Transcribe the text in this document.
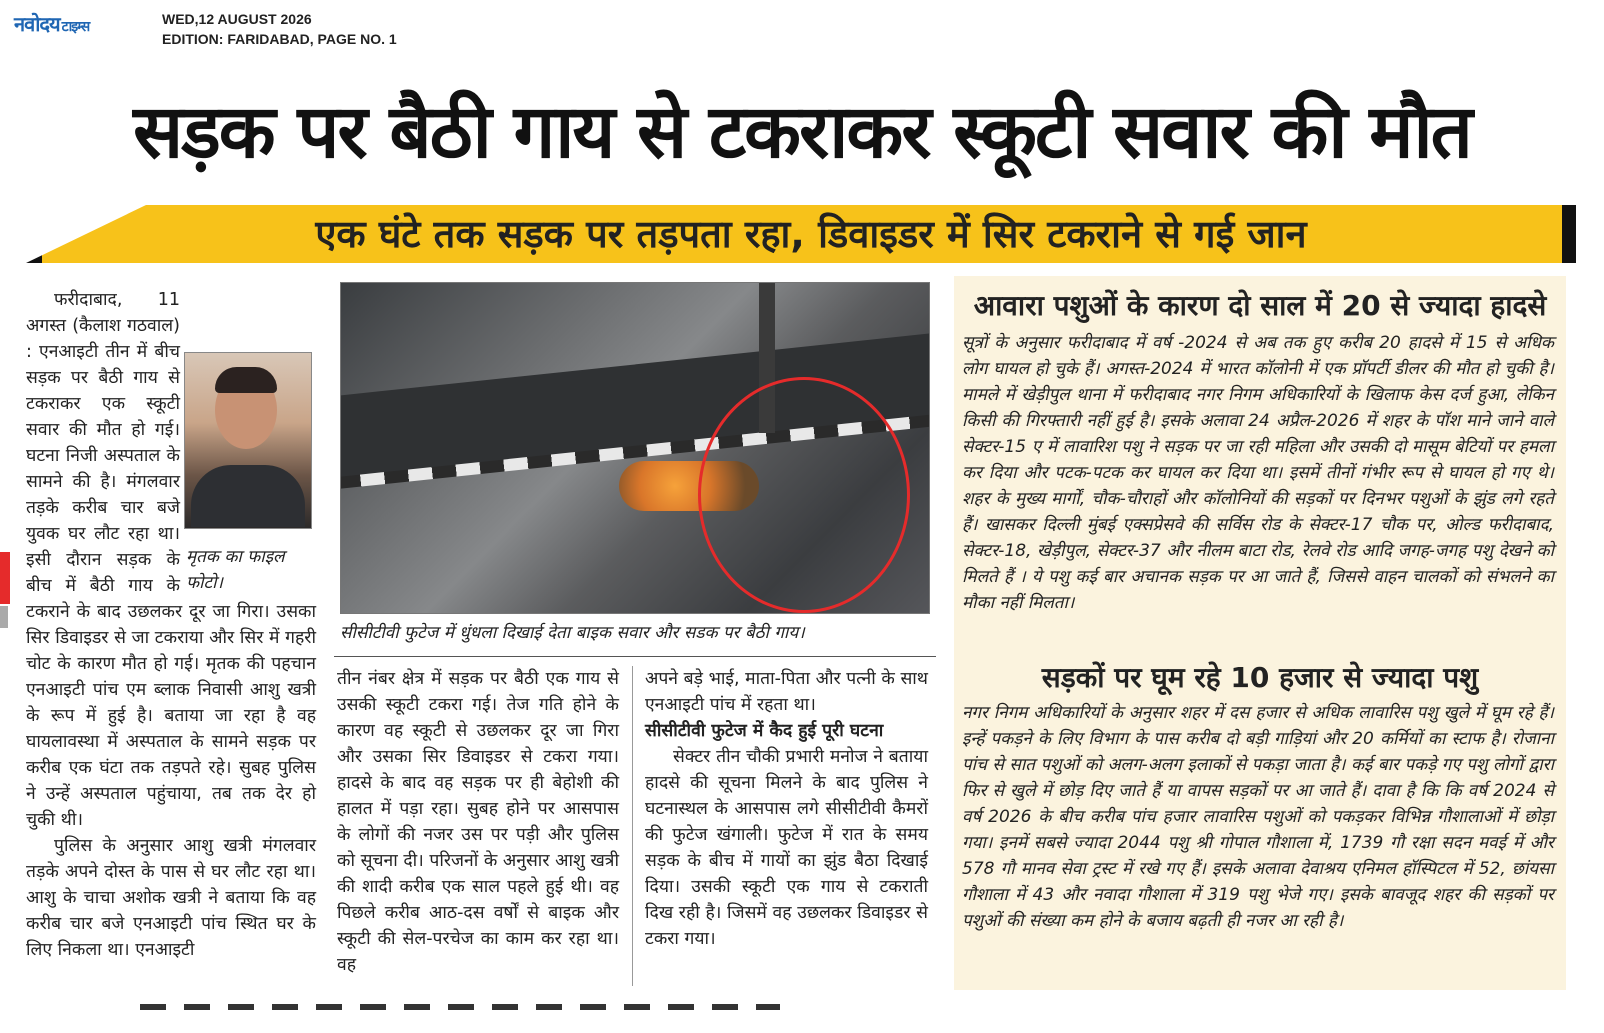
नवोदय टाइम्स	WED,12 AUGUST 2026
EDITION: FARIDABAD, PAGE NO. 1
सड़क पर बैठी गाय से टकराकर स्कूटी सवार की मौत
एक घंटे तक सड़क पर तड़पता रहा, डिवाइडर में सिर टकराने से गई जान

फरीदाबाद, 11 अगस्त (कैलाश गठवाल) : एनआइटी तीन में बीच सड़क पर बैठी गाय से टकराकर एक स्कूटी सवार की मौत हो गई। घटना निजी अस्पताल के सामने की है। मंगलवार तड़के करीब चार बजे युवक घर लौट रहा था। इसी दौरान सड़क के बीच में बैठी गाय के टकराने के बाद उछलकर दूर जा गिरा। उसका सिर डिवाइडर से जा टकराया और सिर में गहरी चोट के कारण मौत हो गई। मृतक की पहचान एनआइटी पांच एम ब्लाक निवासी आशु खत्री के रूप में हुई है। बताया जा रहा है वह घायलावस्था में अस्पताल के सामने सड़क पर करीब एक घंटा तक तड़पते रहे। सुबह पुलिस ने उन्हें अस्पताल पहुंचाया, तब तक देर हो चुकी थी।

पुलिस के अनुसार आशु खत्री मंगलवार तड़के अपने दोस्त के पास से घर लौट रहा था। आशु के चाचा अशोक खत्री ने बताया कि वह करीब चार बजे एनआइटी पांच स्थित घर के लिए निकला था। एनआइटी

मृतक का फाइल फोटो।
सीसीटीवी फुटेज में धुंधला दिखाई देता बाइक सवार और सडक पर बैठी गाय।

तीन नंबर क्षेत्र में सड़क पर बैठी एक गाय से उसकी स्कूटी टकरा गई। तेज गति होने के कारण वह स्कूटी से उछलकर दूर जा गिरा और उसका सिर डिवाइडर से टकरा गया। हादसे के बाद वह सड़क पर ही बेहोशी की हालत में पड़ा रहा। सुबह होने पर आसपास के लोगों की नजर उस पर पड़ी और पुलिस को सूचना दी। परिजनों के अनुसार आशु खत्री की शादी करीब एक साल पहले हुई थी। वह पिछले करीब आठ-दस वर्षों से बाइक और स्कूटी की सेल-परचेज का काम कर रहा था। वह

अपने बड़े भाई, माता-पिता और पत्नी के साथ एनआइटी पांच में रहता था।

सीसीटीवी फुटेज में कैद हुई पूरी घटना

सेक्टर तीन चौकी प्रभारी मनोज ने बताया हादसे की सूचना मिलने के बाद पुलिस ने घटनास्थल के आसपास लगे सीसीटीवी कैमरों की फुटेज खंगाली। फुटेज में रात के समय सड़क के बीच में गायों का झुंड बैठा दिखाई दिया। उसकी स्कूटी एक गाय से टकराती दिख रही है। जिसमें वह उछलकर डिवाइडर से टकरा गया।

आवारा पशुओं के कारण दो साल में 20 से ज्यादा हादसे

सूत्रों के अनुसार फरीदाबाद में वर्ष -2024 से अब तक हुए करीब 20 हादसे में 15 से अधिक लोग घायल हो चुके हैं। अगस्त-2024 में भारत कॉलोनी में एक प्रॉपर्टी डीलर की मौत हो चुकी है। मामले में खेड़ीपुल थाना में फरीदाबाद नगर निगम अधिकारियों के खिलाफ केस दर्ज हुआ, लेकिन किसी की गिरफ्तारी नहीं हुई है। इसके अलावा 24 अप्रैल-2026 में शहर के पॉश माने जाने वाले सेक्टर-15 ए में लावारिश पशु ने सड़क पर जा रही महिला और उसकी दो मासूम बेटियों पर हमला कर दिया और पटक-पटक कर घायल कर दिया था। इसमें तीनों गंभीर रूप से घायल हो गए थे। शहर के मुख्य मार्गों, चौक-चौराहों और कॉलोनियों की सड़कों पर दिनभर पशुओं के झुंड लगे रहते हैं। खासकर दिल्ली मुंबई एक्सप्रेसवे की सर्विस रोड के सेक्टर-17 चौक पर, ओल्ड फरीदाबाद, सेक्टर-18, खेड़ीपुल, सेक्टर-37 और नीलम बाटा रोड, रेलवे रोड आदि जगह-जगह पशु देखने को मिलते हैं । ये पशु कई बार अचानक सड़क पर आ जाते हैं, जिससे वाहन चालकों को संभलने का मौका नहीं मिलता।

सड़कों पर घूम रहे 10 हजार से ज्यादा पशु

नगर निगम अधिकारियों के अनुसार शहर में दस हजार से अधिक लावारिस पशु खुले में घूम रहे हैं। इन्हें पकड़ने के लिए विभाग के पास करीब दो बड़ी गाड़ियां और 20 कर्मियों का स्टाफ है। रोजाना पांच से सात पशुओं को अलग-अलग इलाकों से पकड़ा जाता है। कई बार पकड़े गए पशु लोगों द्वारा फिर से खुले में छोड़ दिए जाते हैं या वापस सड़कों पर आ जाते हैं। दावा है कि कि वर्ष 2024 से वर्ष 2026 के बीच करीब पांच हजार लावारिस पशुओं को पकड़कर विभिन्न गौशालाओं में छोड़ा गया। इनमें सबसे ज्यादा 2044 पशु श्री गोपाल गौशाला में, 1739 गौ रक्षा सदन मवई में और 578 गौ मानव सेवा ट्रस्ट में रखे गए हैं। इसके अलावा देवाश्रय एनिमल हॉस्पिटल में 52, छांयसा गौशाला में 43 और नवादा गौशाला में 319 पशु भेजे गए। इसके बावजूद शहर की सड़कों पर पशुओं की संख्या कम होने के बजाय बढ़ती ही नजर आ रही है।
